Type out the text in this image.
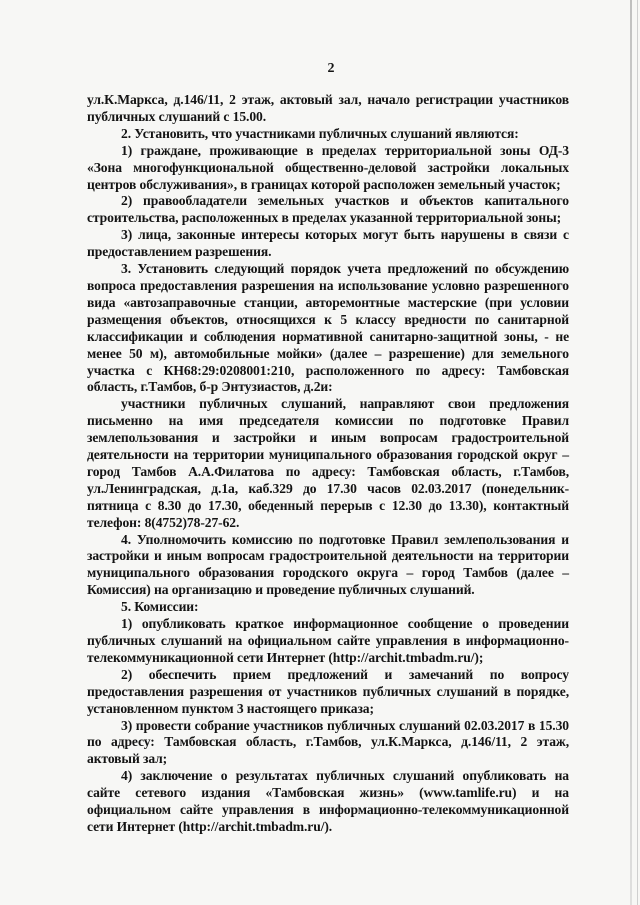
2

ул.К.Маркса, д.146/11, 2 этаж, актовый зал, начало регистрации участников публичных слушаний с 15.00.

2. Установить, что участниками публичных слушаний являются:

1) граждане, проживающие в пределах территориальной зоны ОД-3 «Зона многофункциональной общественно-деловой застройки локальных центров обслуживания», в границах которой расположен земельный участок;

2) правообладатели земельных участков и объектов капитального строительства, расположенных в пределах указанной территориальной зоны;

3) лица, законные интересы которых могут быть нарушены в связи с предоставлением разрешения.

3. Установить следующий порядок учета предложений по обсуждению вопроса предоставления разрешения на использование условно разрешенного вида «автозаправочные станции, авторемонтные мастерские (при условии размещения объектов, относящихся к 5 классу вредности по санитарной классификации и соблюдения нормативной санитарно-защитной зоны, - не менее 50 м), автомобильные мойки» (далее – разрешение) для земельного участка с КН68:29:0208001:210, расположенного по адресу: Тамбовская область, г.Тамбов, б-р Энтузиастов, д.2и:

участники публичных слушаний, направляют свои предложения письменно на имя председателя комиссии по подготовке Правил землепользования и застройки и иным вопросам градостроительной деятельности на территории муниципального образования городской округ – город Тамбов А.А.Филатова по адресу: Тамбовская область, г.Тамбов, ул.Ленинградская, д.1а, каб.329 до 17.30 часов 02.03.2017 (понедельник-пятница с 8.30 до 17.30, обеденный перерыв с 12.30 до 13.30), контактный телефон: 8(4752)78-27-62.

4. Уполномочить комиссию по подготовке Правил землепользования и застройки и иным вопросам градостроительной деятельности на территории муниципального образования городского округа – город Тамбов (далее – Комиссия) на организацию и проведение публичных слушаний.

5. Комиссии:

1) опубликовать краткое информационное сообщение о проведении публичных слушаний на официальном сайте управления в информационно-телекоммуникационной сети Интернет (http://archit.tmbadm.ru/);

2) обеспечить прием предложений и замечаний по вопросу предоставления разрешения от участников публичных слушаний в порядке, установленном пунктом 3 настоящего приказа;

3) провести собрание участников публичных слушаний 02.03.2017 в 15.30 по адресу: Тамбовская область, г.Тамбов, ул.К.Маркса, д.146/11, 2 этаж, актовый зал;

4) заключение о результатах публичных слушаний опубликовать на сайте сетевого издания «Тамбовская жизнь» (www.tamlife.ru) и на официальном сайте управления в информационно-телекоммуникационной сети Интернет (http://archit.tmbadm.ru/).
